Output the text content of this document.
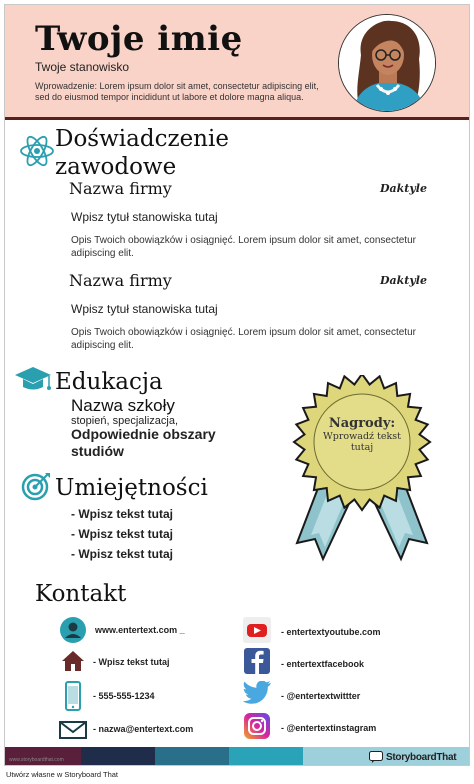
Twoje imię
Twoje stanowisko
Wprowadzenie: Lorem ipsum dolor sit amet, consectetur adipiscing elit, sed do eiusmod tempor incididunt ut labore et dolore magna aliqua.
Doświadczenie
zawodowe
Nazwa firmy	Daktyle
Wpisz tytuł stanowiska tutaj
Opis Twoich obowiązków i osiągnięć. Lorem ipsum dolor sit amet, consectetur adipiscing elit.
Nazwa firmy	Daktyle
Wpisz tytuł stanowiska tutaj
Opis Twoich obowiązków i osiągnięć. Lorem ipsum dolor sit amet, consectetur adipiscing elit.
Edukacja
Nazwa szkoły
stopień, specjalizacja,
Odpowiednie obszary studiów
Umiejętności
- Wpisz tekst tutaj
- Wpisz tekst tutaj
- Wpisz tekst tutaj
Nagrody:
Wprowadź tekst tutaj
Kontakt
www.entertext.com _
- Wpisz tekst tutaj
- 555-555-1234
- nazwa@entertext.com
- entertextyoutube.com
- entertextfacebook
- @entertextwittter
- @entertextinstagram
www.storyboardthat.com	StoryboardThat
Utwórz własne w Storyboard That
